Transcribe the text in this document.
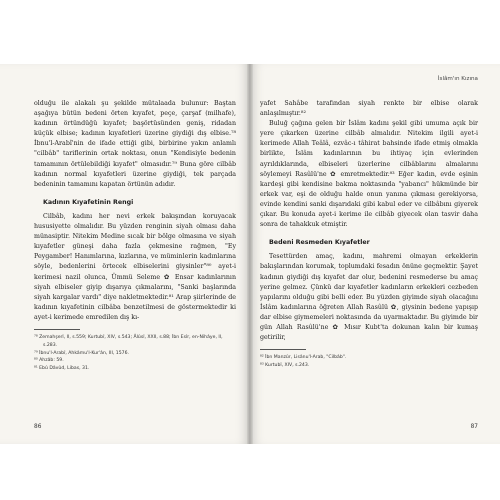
olduğu ile alakalı şu şekilde mütalaada bulunur: Baştan aşağıya bütün bedeni örten kıyafet, peçe, çarşaf (milhafe), kadının örtündüğü kıyafet; başörtüsünden geniş, ridadan küçük elbise; kadının kıyafetleri üzerine giydiği dış elbise.⁷⁸ İbnu'l-Arabî'nin de ifade ettiği gibi, birbirine yakın anlamlı "cilbâb" tariflerinin ortak noktası, onun "Kendisiyle bedenin tamamının örtülebildiği kıyafet" olmasıdır.⁷⁹ Buna göre cilbâb kadının normal kıyafetleri üzerine giydiği, tek parçada bedeninin tamamını kapatan örtünün adıdır.

Kadının Kıyafetinin Rengi

Cilbâb, kadını her nevi erkek bakışından koruyacak hususiyette olmalıdır. Bu yüzden renginin siyah olması daha münasiptir. Nitekim Medine sıcak bir bölge olmasına ve siyah kıyafetler güneşi daha fazla çekmesine rağmen, "Ey Peygamber! Hanımlarına, kızlarına, ve müminlerin kadınlarına söyle, bedenlerini örtecek elbiselerini giysinler"⁸⁰ ayet-i kerimesi nazil olunca, Ümmü Seleme ✿ Ensar kadınlarının siyah elbiseler giyip dışarıya çıkmalarını, "Sanki başlarında siyah kargalar vardı" diye nakletmektedir.⁸¹ Arap şiirlerinde de kadının kıyafetinin cilbâba benzetilmesi de göstermektedir ki ayet-i kerimede emredilen dış kı-

⁷⁸ Zemahşerî, II, s.559; Kurtubî, XIV, s.543; Âlûsî, XXII, s.88; İbn Esîr, en-Nihâye, II, s.283.
⁷⁹ İbnu'l-Arabî, Ahkâmu'l-Kur'ân, III, 1576.
⁸⁰ Ahzâb: 59.
⁸¹ Ebû Dâvûd, Libas, 31.
86
İslâm'ın Kızına

yafet Sahâbe tarafından siyah renkte bir elbise olarak anlaşılmıştır.⁸²

Buluğ çağına gelen bir İslâm kadını şekil gibi umuma açık bir yere çıkarken üzerine cilbâb almalıdır. Nitekim ilgili ayet-i kerimede Allah Teâlâ, ezvâc-ı tâhirat bahsinde ifade etmiş olmakla birlikte, İslâm kadınlarının bu ihtiyaç için evlerinden ayrıldıklarında, elbiseleri üzerlerine cilbâblarını almalarını söylemeyi Rasûlü'ne ✿ emretmektedir.⁸³ Eğer kadın, evde eşinin kardeşi gibi kendisine bakma noktasında "yabancı" hükmünde bir erkek var, eşi de olduğu halde onun yanına çıkması gerekiyorsa, evinde kendini sanki dışarıdaki gibi kabul eder ve cilbâbını giyerek çıkar. Bu konuda ayet-i kerime ile cilbâb giyecek olan tasvir daha sonra de tahakkuk etmiştir.

Bedeni Resmeden Kıyafetler

Tesettürden amaç, kadını, mahremi olmayan erkeklerin bakışlarından korumak, toplumdaki fesadın önüne geçmektir. Şayet kadının giydiği dış kıyafet dar olur, bedenini resmederse bu amaç yerine gelmez. Çünkü dar kıyafetler kadınların erkekleri cezbeden yapılarını olduğu gibi belli eder. Bu yüzden giyimde siyah olacağını İslâm kadınlarına öğreten Allah Rasûlü ✿, giysinin bedene yapışıp dar elbise giymemeleri noktasında da uyarmaktadır. Bu giyimde bir gün Allah Rasûlü'ne ✿ Mısır Kubt'ta dokunan kalın bir kumaş getirilir,

⁸² İbn Manzûr, Lisânu'l-Arab, "Cilbâb".
⁸³ Kurtubî, XIV, s.243.
87
